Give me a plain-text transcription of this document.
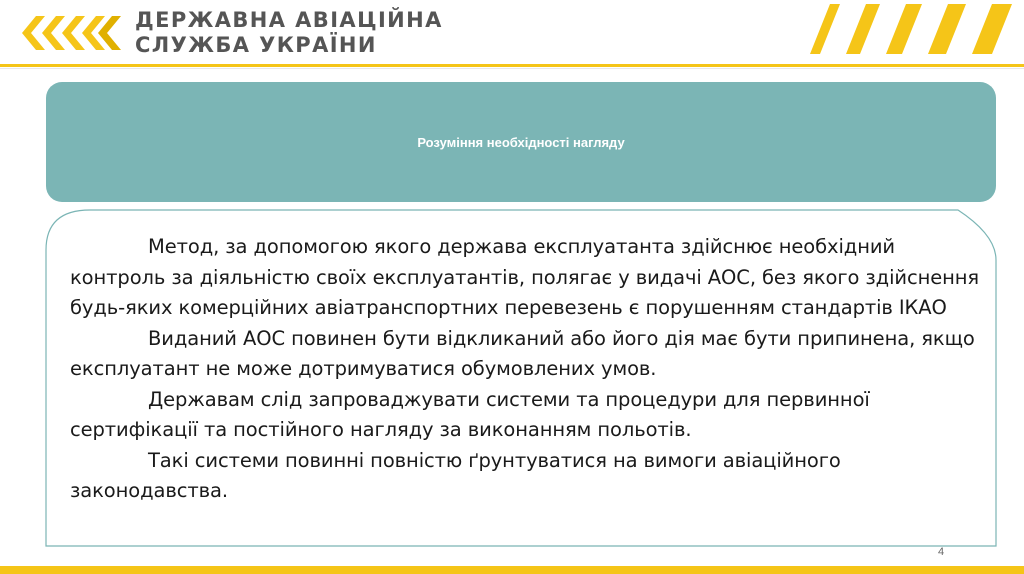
ДЕРЖАВНА АВІАЦІЙНА
СЛУЖБА УКРАЇНИ
Розуміння необхідності нагляду

Метод, за допомогою якого держава експлуатанта здійснює необхідний контроль за діяльністю своїх експлуатантів, полягає у видачі АОС, без якого здійснення будь-яких комерційних авіатранспортних перевезень є порушенням стандартів ІКАО

Виданий АОС повинен бути відкликаний або його дія має бути припинена, якщо експлуатант не може дотримуватися обумовлених умов.

Державам слід запроваджувати системи та процедури для первинної сертифікації та постійного нагляду за виконанням польотів.

Такі системи повинні повністю ґрунтуватися на вимоги авіаційного законодавства.

4
